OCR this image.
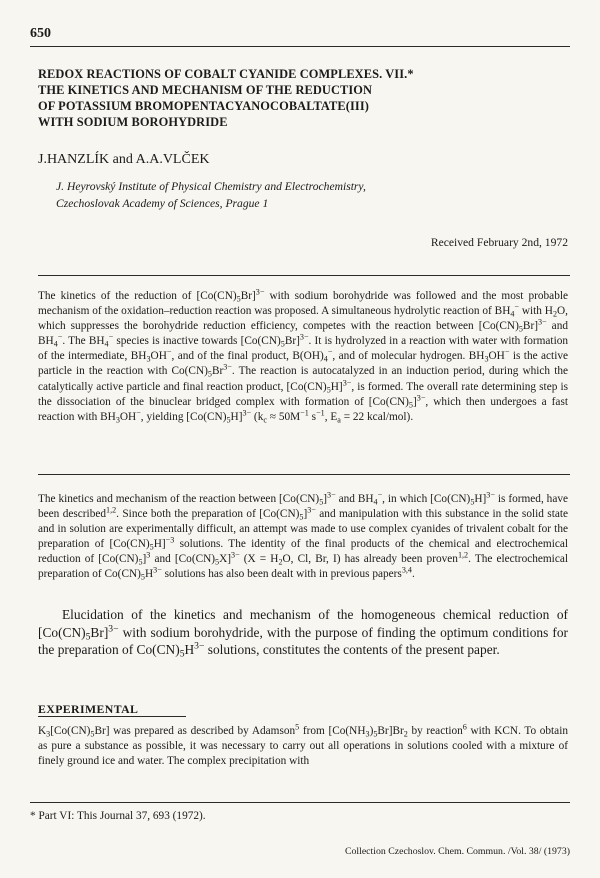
650
REDOX REACTIONS OF COBALT CYANIDE COMPLEXES. VII.*
THE KINETICS AND MECHANISM OF THE REDUCTION
OF POTASSIUM BROMOPENTACYANOCOBALTATE(III)
WITH SODIUM BOROHYDRIDE
J.HANZLÍK and A.A.VLČEK
J. Heyrovský Institute of Physical Chemistry and Electrochemistry,
Czechoslovak Academy of Sciences, Prague 1
Received February 2nd, 1972
The kinetics of the reduction of $[Co(CN)_5Br]^{3-}$ with sodium borohydride was followed and the most probable mechanism of the oxidation–reduction reaction was proposed. A simultaneous hydrolytic reaction of $BH_4^-$ with $H_2O$, which suppresses the borohydride reduction efficiency, competes with the reaction between $[Co(CN)_5Br]^{3-}$ and $BH_4^-$. The $BH_4^-$ species is inactive towards $[Co(CN)_5Br]^{3-}$. It is hydrolyzed in a reaction with water with formation of the intermediate, $BH_3OH^-$, and of the final product, $B(OH)_4^-$, and of molecular hydrogen. $BH_3OH^-$ is the active particle in the reaction with $Co(CN)_5Br^{3-}$. The reaction is autocatalyzed in an induction period, during which the catalytically active particle and final reaction product, $[Co(CN)_5H]^{3-}$, is formed. The overall rate determining step is the dissociation of the binuclear bridged complex with formation of $[Co(CN)_5]^{3-}$, which then undergoes a fast reaction with $BH_3OH^-$, yielding $[Co(CN)_5H]^{3-}$ ($k_c \approx 50M^{-1}$ $s^{-1}$, $E_a = 22$ kcal/mol).
The kinetics and mechanism of the reaction between $[Co(CN)_5]^{3-}$ and $BH_4^-$, in which $[Co(CN)_5H]^{3-}$ is formed, have been described$^{1,2}$. Since both the preparation of $[Co(CN)_5]^{3-}$ and manipulation with this substance in the solid state and in solution are experimentally difficult, an attempt was made to use complex cyanides of trivalent cobalt for the preparation of $[Co(CN)_5H]^{-3}$ solutions. The identity of the final products of the chemical and electrochemical reduction of $[Co(CN)_5]^3$ and $[Co(CN)_5X]^{3-}$ ($X = H_2O$, Cl, Br, I) has already been proven$^{1,2}$. The electrochemical preparation of $Co(CN)_5H^{3-}$ solutions has also been dealt with in previous papers$^{3,4}$.
Elucidation of the kinetics and mechanism of the homogeneous chemical reduction of $[Co(CN)_5Br]^{3-}$ with sodium borohydride, with the purpose of finding the optimum conditions for the preparation of $Co(CN)_5H^{3-}$ solutions, constitutes the contents of the present paper.
EXPERIMENTAL
$K_3[Co(CN)_5Br]$ was prepared as described by Adamson$^5$ from $[Co(NH_3)_5Br]Br_2$ by reaction$^6$ with KCN. To obtain as pure a substance as possible, it was necessary to carry out all operations in solutions cooled with a mixture of finely ground ice and water. The complex precipitation with
* Part VI: This Journal 37, 693 (1972).
Collection Czechoslov. Chem. Commun. /Vol. 38/ (1973)
